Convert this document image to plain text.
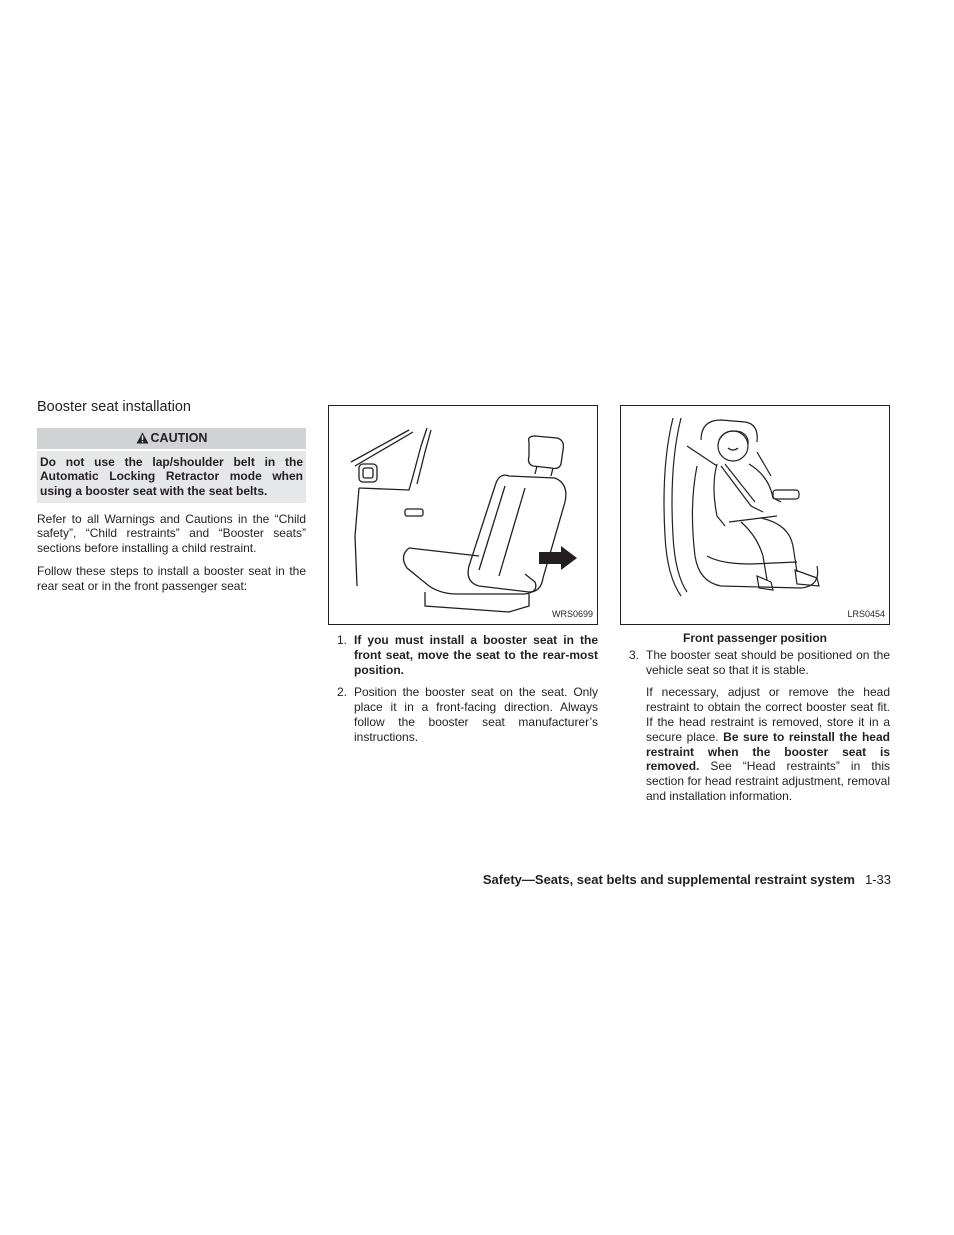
Booster seat installation
CAUTION
Do not use the lap/shoulder belt in the Automatic Locking Retractor mode when using a booster seat with the seat belts.

Refer to all Warnings and Cautions in the “Child safety”, “Child restraints” and “Booster seats” sections before installing a child restraint.

Follow these steps to install a booster seat in the rear seat or in the front passenger seat:

WRS0699
1. If you must install a booster seat in the front seat, move the seat to the rear-most position.
2. Position the booster seat on the seat. Only place it in a front-facing direction. Always follow the booster seat manufacturer’s instructions.
LRS0454
Front passenger position
3. The booster seat should be positioned on the vehicle seat so that it is stable.
If necessary, adjust or remove the head restraint to obtain the correct booster seat fit. If the head restraint is removed, store it in a secure place. Be sure to reinstall the head restraint when the booster seat is removed. See “Head restraints” in this section for head restraint adjustment, removal and installation information.
Safety—Seats, seat belts and supplemental restraint system 1-33
